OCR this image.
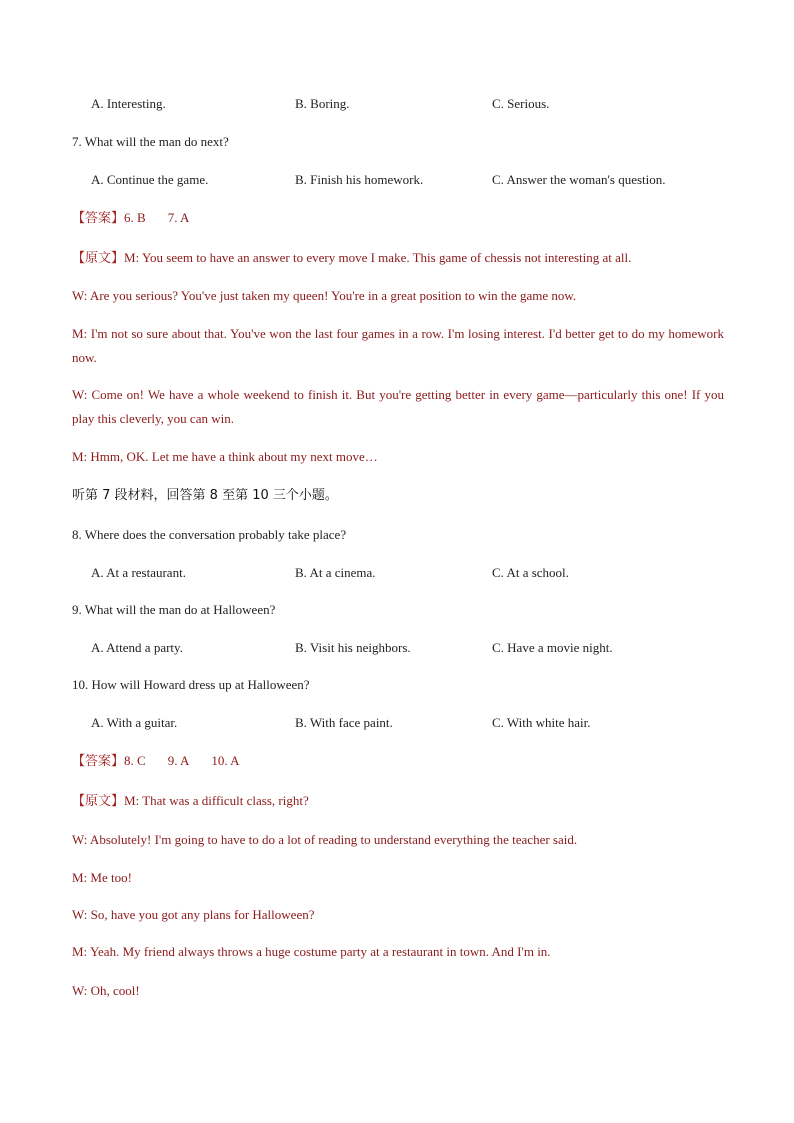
A. Interesting.	B. Boring.	C. Serious.
7. What will the man do next?
A. Continue the game.	B. Finish his homework.	C. Answer the woman's question.
【答案】6. B 7. A
【原文】M: You seem to have an answer to every move I make. This game of chessis not interesting at all.
W: Are you serious? You've just taken my queen! You're in a great position to win the game now.
M: I'm not so sure about that. You've won the last four games in a row. I'm losing interest. I'd better get to do my homework now.
W: Come on! We have a whole weekend to finish it. But you're getting better in every game—particularly this one! If you play this cleverly, you can win.
M: Hmm, OK. Let me have a think about my next move…
听第 7 段材料，回答第 8 至第 10 三个小题。
8. Where does the conversation probably take place?
A. At a restaurant.	B. At a cinema.	C. At a school.
9. What will the man do at Halloween?
A. Attend a party.	B. Visit his neighbors.	C. Have a movie night.
10. How will Howard dress up at Halloween?
A. With a guitar.	B. With face paint.	C. With white hair.
【答案】8. C 9. A 10. A
【原文】M: That was a difficult class, right?
W: Absolutely! I'm going to have to do a lot of reading to understand everything the teacher said.
M: Me too!
W: So, have you got any plans for Halloween?
M: Yeah. My friend always throws a huge costume party at a restaurant in town. And I'm in.
W: Oh, cool!
